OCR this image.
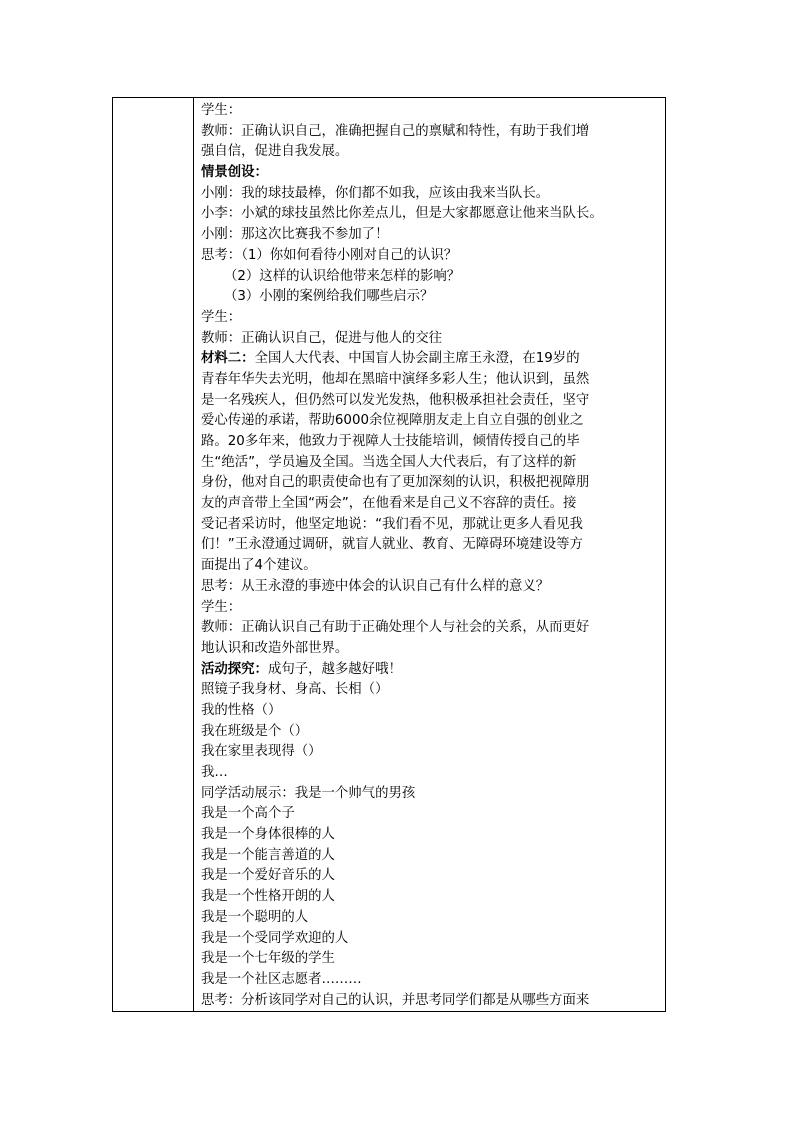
学生：
教师：正确认识自己，准确把握自己的禀赋和特性，有助于我们增
强自信，促进自我发展。
情景创设：
小刚：我的球技最棒，你们都不如我，应该由我来当队长。
小李：小斌的球技虽然比你差点儿，但是大家都愿意让他来当队长。
小刚：那这次比赛我不参加了！
思考：（1）你如何看待小刚对自己的认识？
（2）这样的认识给他带来怎样的影响？
（3）小刚的案例给我们哪些启示？
学生：
教师：正确认识自己，促进与他人的交往
材料二：全国人大代表、中国盲人协会副主席王永澄，在19岁的
青春年华失去光明，他却在黑暗中演绎多彩人生；他认识到，虽然
是一名残疾人，但仍然可以发光发热，他积极承担社会责任，坚守
爱心传递的承诺，帮助6000余位视障朋友走上自立自强的创业之
路。20多年来，他致力于视障人士技能培训，倾情传授自己的毕
生“绝活”，学员遍及全国。当选全国人大代表后，有了这样的新
身份，他对自己的职责使命也有了更加深刻的认识，积极把视障朋
友的声音带上全国“两会”，在他看来是自己义不容辞的责任。接
受记者采访时，他坚定地说：“我们看不见，那就让更多人看见我
们！”王永澄通过调研，就盲人就业、教育、无障碍环境建设等方
面提出了4个建议。
思考：从王永澄的事迹中体会的认识自己有什么样的意义？
学生：
教师：正确认识自己有助于正确处理个人与社会的关系，从而更好
地认识和改造外部世界。
活动探究：成句子，越多越好哦！
照镜子我身材、身高、长相（）
我的性格（）
我在班级是个（）
我在家里表现得（）
我…
同学活动展示：我是一个帅气的男孩
我是一个高个子
我是一个身体很棒的人
我是一个能言善道的人
我是一个爱好音乐的人
我是一个性格开朗的人
我是一个聪明的人
我是一个受同学欢迎的人
我是一个七年级的学生
我是一个社区志愿者………
思考：分析该同学对自己的认识，并思考同学们都是从哪些方面来
